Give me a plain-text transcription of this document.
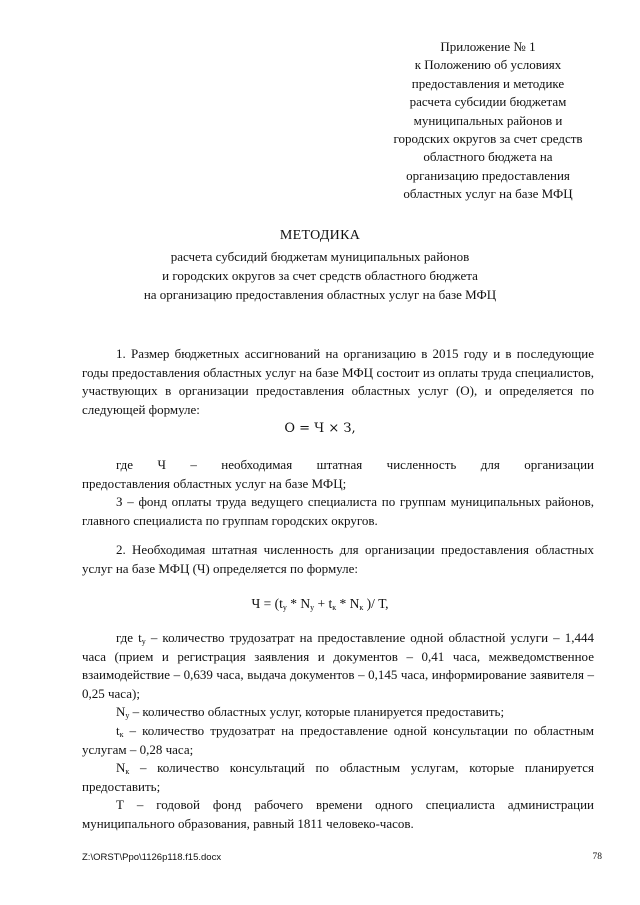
Приложение № 1
к Положению об условиях
предоставления и методике
расчета субсидии бюджетам
муниципальных районов и
городских округов за счет средств
областного бюджета на
организацию предоставления
областных услуг на базе МФЦ
МЕТОДИКА
расчета субсидий бюджетам муниципальных районов
и городских округов за счет средств областного бюджета
на организацию предоставления областных услуг на базе МФЦ

1. Размер бюджетных ассигнований на организацию в 2015 году и в последующие годы предоставления областных услуг на базе МФЦ состоит из оплаты труда специалистов, участвующих в организации предоставления областных услуг (О), и определяется по следующей формуле:

О = Ч × З,

где Ч – необходимая штатная численность для организации

предоставления областных услуг на базе МФЦ;

З – фонд оплаты труда ведущего специалиста по группам муниципальных районов, главного специалиста по группам городских округов.

2. Необходимая штатная численность для организации предоставления областных услуг на базе МФЦ (Ч) определяется по формуле:

$Ч = (t_у * N_у + t_к * N_к$ )/ Т,

где $t_у$ – количество трудозатрат на предоставление одной областной услуги – 1,444 часа (прием и регистрация заявления и документов – 0,41 часа, межведомственное взаимодействие – 0,639 часа, выдача документов – 0,145 часа, информирование заявителя – 0,25 часа);

$N_у$ – количество областных услуг, которые планируется предоставить;

$t_к$ – количество трудозатрат на предоставление одной консультации по областным услугам – 0,28 часа;

$N_к$ – количество консультаций по областным услугам, которые планируется предоставить;

Т – годовой фонд рабочего времени одного специалиста администрации муниципального образования, равный 1811 человеко-часов.

Z:\ORST\Ppo\1126p118.f15.docx	78
